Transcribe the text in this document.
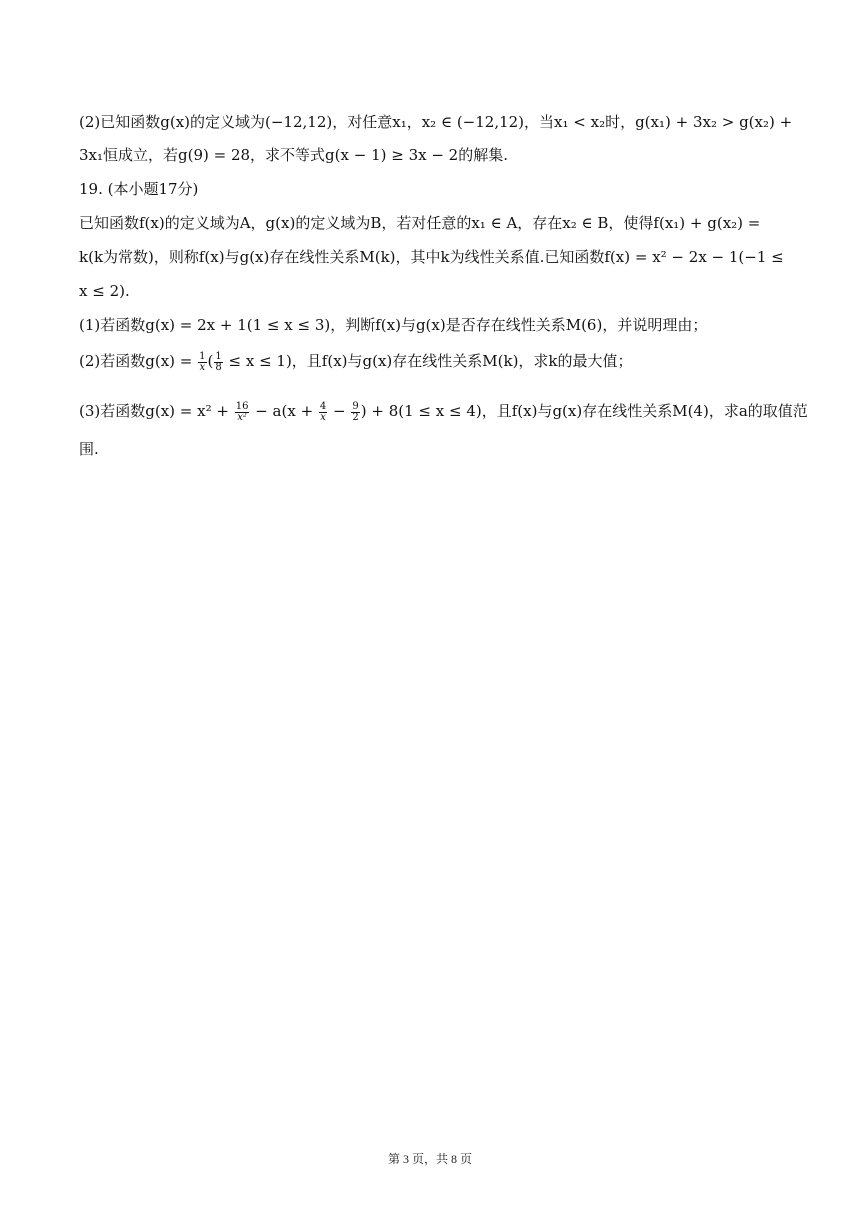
(2)已知函数g(x)的定义域为(−12,12)，对任意x₁，x₂ ∈ (−12,12)，当x₁ < x₂时，g(x₁) + 3x₂ > g(x₂) +
3x₁恒成立，若g(9) = 28，求不等式g(x − 1) ≥ 3x − 2的解集.
19. (本小题17分)
已知函数f(x)的定义域为A，g(x)的定义域为B，若对任意的x₁ ∈ A，存在x₂ ∈ B，使得f(x₁) + g(x₂) =
k(k为常数)，则称f(x)与g(x)存在线性关系M(k)，其中k为线性关系值.已知函数f(x) = x² − 2x − 1(−1 ≤
x ≤ 2).
(1)若函数g(x) = 2x + 1(1 ≤ x ≤ 3)，判断f(x)与g(x)是否存在线性关系M(6)，并说明理由；
(2)若函数$g(x) = \frac{1}{x}$ ( $\frac{1}{8} \le x \le 1$)，且f(x)与g(x)存在线性关系M(k)，求k的最大值；
(3)若函数$g(x) = x^2 + \frac{16}{\text{x²}} - a(x + \frac{4}{x} - \frac{9}{2}$ ) + 8(1 ≤ x ≤ 4)，且f(x)与g(x)存在线性关系M(4)，求a的取值范
围.
第 3 页，共 8 页
